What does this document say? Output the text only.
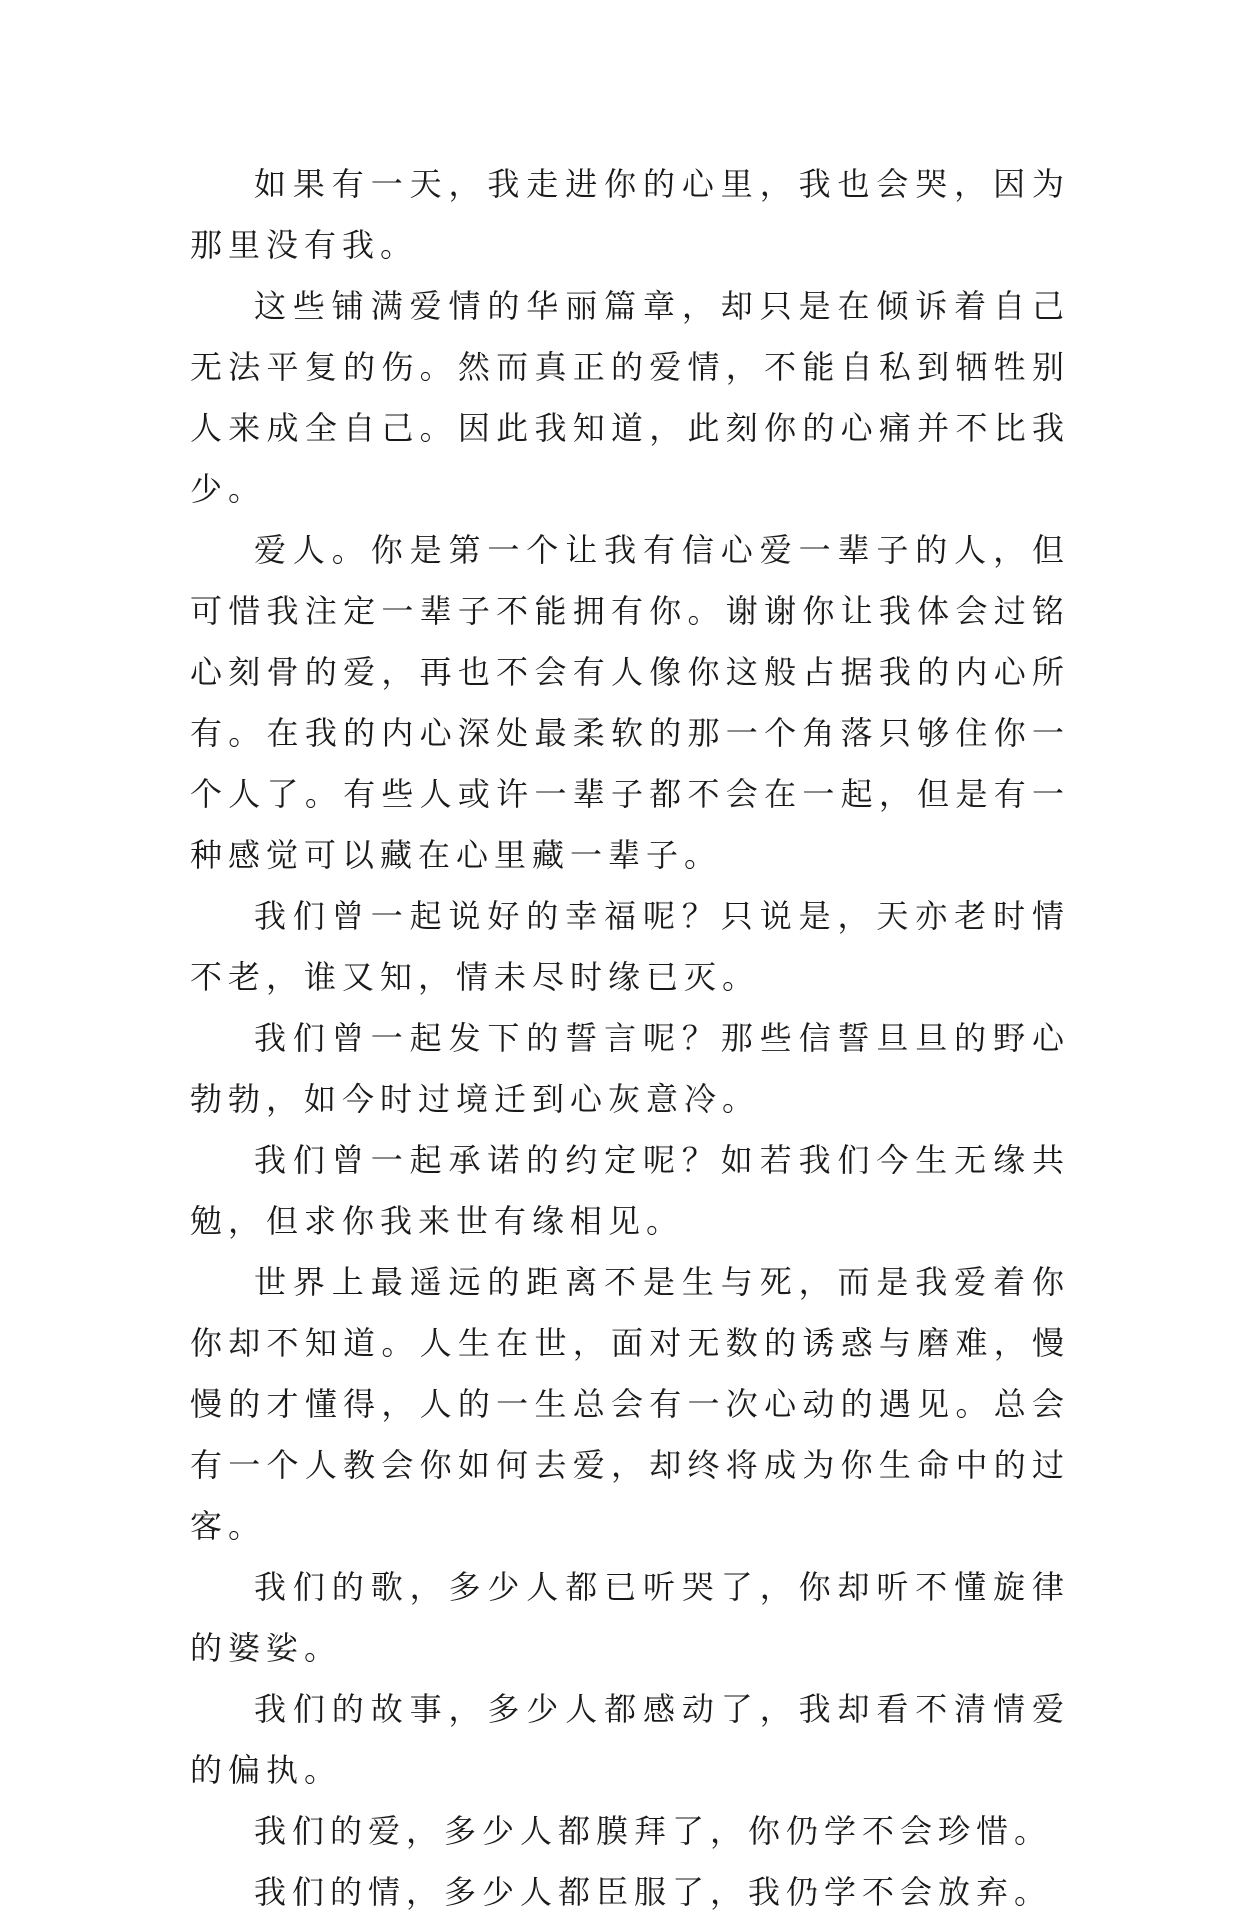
如果有一天，我走进你的心里，我也会哭，因为那里没有我。

这些铺满爱情的华丽篇章，却只是在倾诉着自己无法平复的伤。然而真正的爱情，不能自私到牺牲别人来成全自己。因此我知道，此刻你的心痛并不比我少。

爱人。你是第一个让我有信心爱一辈子的人，但可惜我注定一辈子不能拥有你。谢谢你让我体会过铭心刻骨的爱，再也不会有人像你这般占据我的内心所有。在我的内心深处最柔软的那一个角落只够住你一个人了。有些人或许一辈子都不会在一起，但是有一种感觉可以藏在心里藏一辈子。

我们曾一起说好的幸福呢？只说是，天亦老时情不老，谁又知，情未尽时缘已灭。

我们曾一起发下的誓言呢？那些信誓旦旦的野心勃勃，如今时过境迁到心灰意冷。

我们曾一起承诺的约定呢？如若我们今生无缘共勉，但求你我来世有缘相见。

世界上最遥远的距离不是生与死，而是我爱着你你却不知道。人生在世，面对无数的诱惑与磨难，慢慢的才懂得，人的一生总会有一次心动的遇见。总会有一个人教会你如何去爱，却终将成为你生命中的过客。

我们的歌，多少人都已听哭了，你却听不懂旋律的婆娑。

我们的故事，多少人都感动了，我却看不清情爱的偏执。

我们的爱，多少人都膜拜了，你仍学不会珍惜。

我们的情，多少人都臣服了，我仍学不会放弃。
